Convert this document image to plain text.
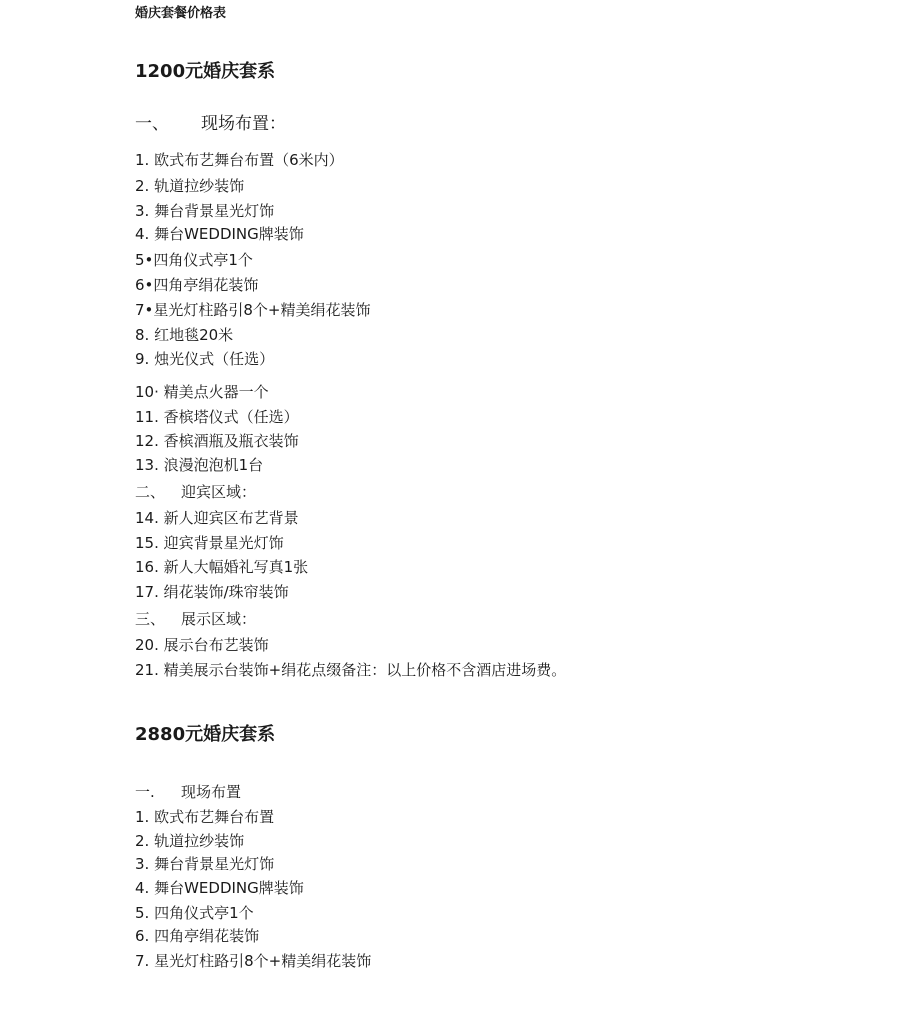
婚庆套餐价格表
1200元婚庆套系
一、 现场布置：
1. 欧式布艺舞台布置（6米内）
2. 轨道拉纱装饰
3. 舞台背景星光灯饰
4. 舞台WEDDING牌装饰
5•四角仪式亭1个
6•四角亭绢花装饰
7•星光灯柱路引8个+精美绢花装饰
8. 红地毯20米
9. 烛光仪式（任选）
10· 精美点火器一个
11. 香槟塔仪式（任选）
12. 香槟酒瓶及瓶衣装饰
13. 浪漫泡泡机1台
二、 迎宾区域：
14. 新人迎宾区布艺背景
15. 迎宾背景星光灯饰
16. 新人大幅婚礼写真1张
17. 绢花装饰/珠帘装饰
三、 展示区域：
20. 展示台布艺装饰
21. 精美展示台装饰+绢花点缀备注：以上价格不含酒店进场费。
2880元婚庆套系
一. 现场布置
1. 欧式布艺舞台布置
2. 轨道拉纱装饰
3. 舞台背景星光灯饰
4. 舞台WEDDING牌装饰
5. 四角仪式亭1个
6. 四角亭绢花装饰
7. 星光灯柱路引8个+精美绢花装饰
